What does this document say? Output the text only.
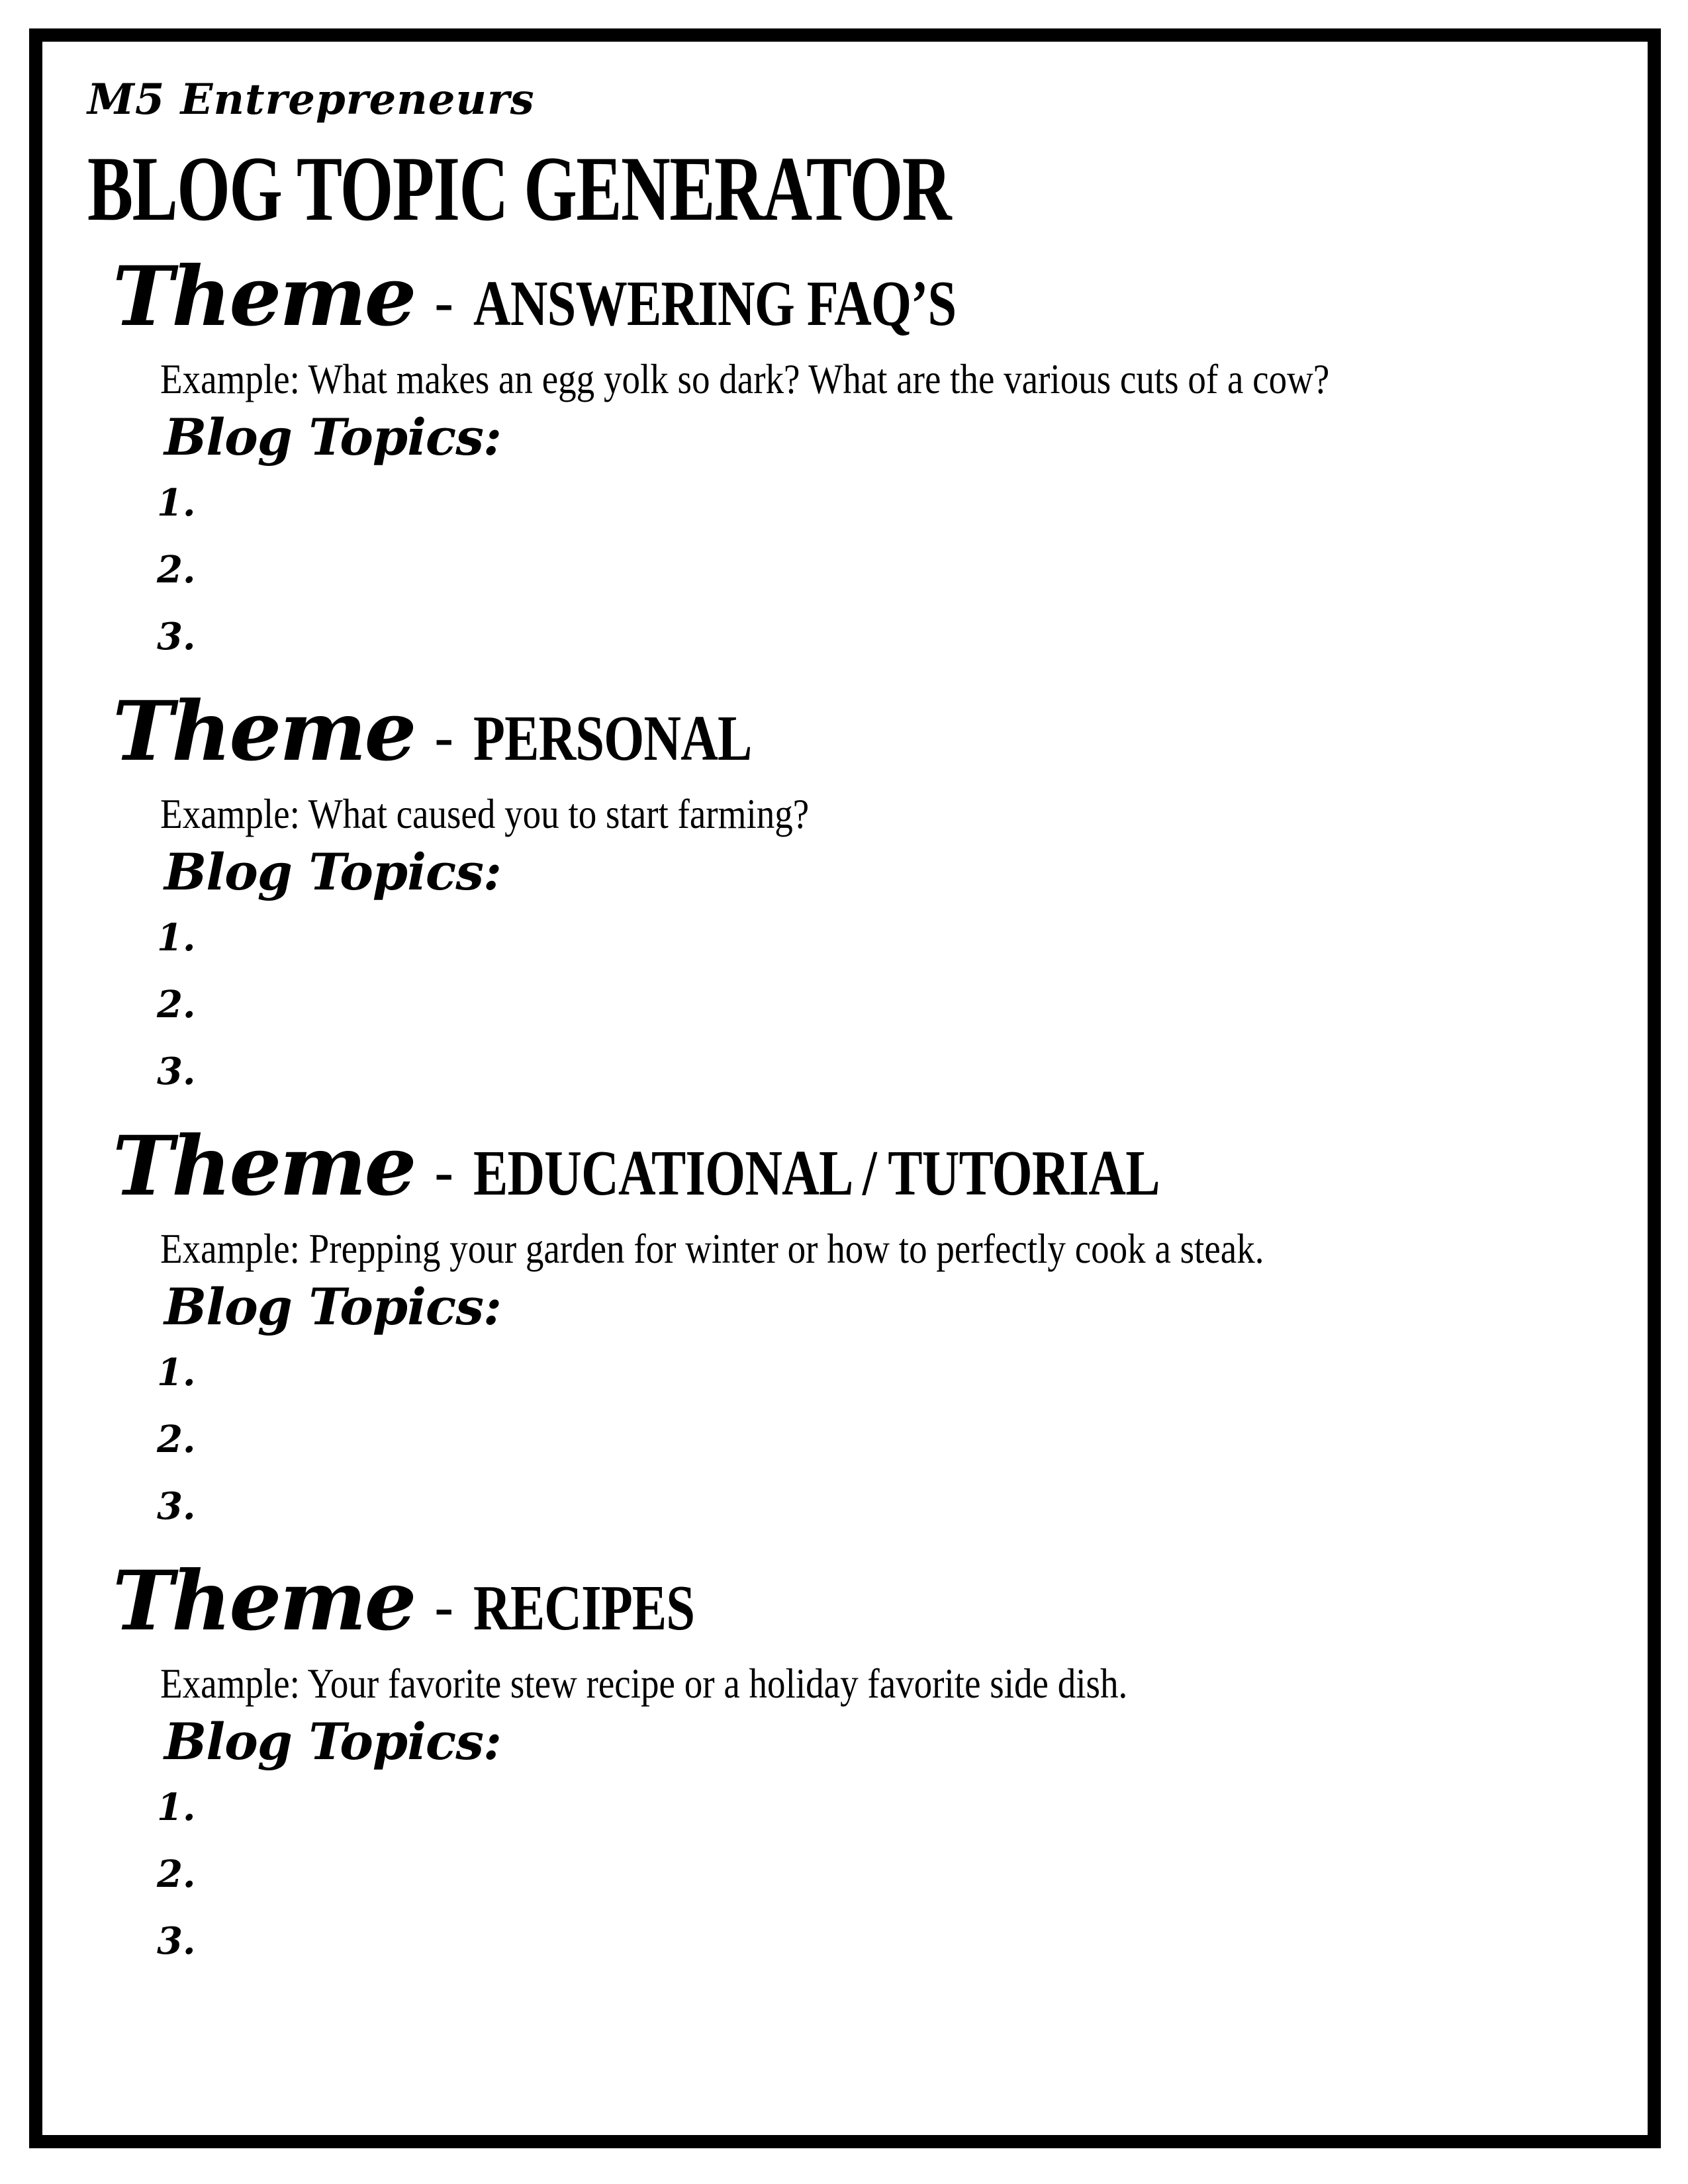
M5 Entrepreneurs
BLOG TOPIC GENERATOR
Theme - ANSWERING FAQ’S
Example: What makes an egg yolk so dark? What are the various cuts of a cow?
Blog Topics:
1.
2.
3.
Theme - PERSONAL
Example: What caused you to start farming?
Blog Topics:
1.
2.
3.
Theme - EDUCATIONAL / TUTORIAL
Example: Prepping your garden for winter or how to perfectly cook a steak.
Blog Topics:
1.
2.
3.
Theme - RECIPES
Example: Your favorite stew recipe or a holiday favorite side dish.
Blog Topics:
1.
2.
3.
